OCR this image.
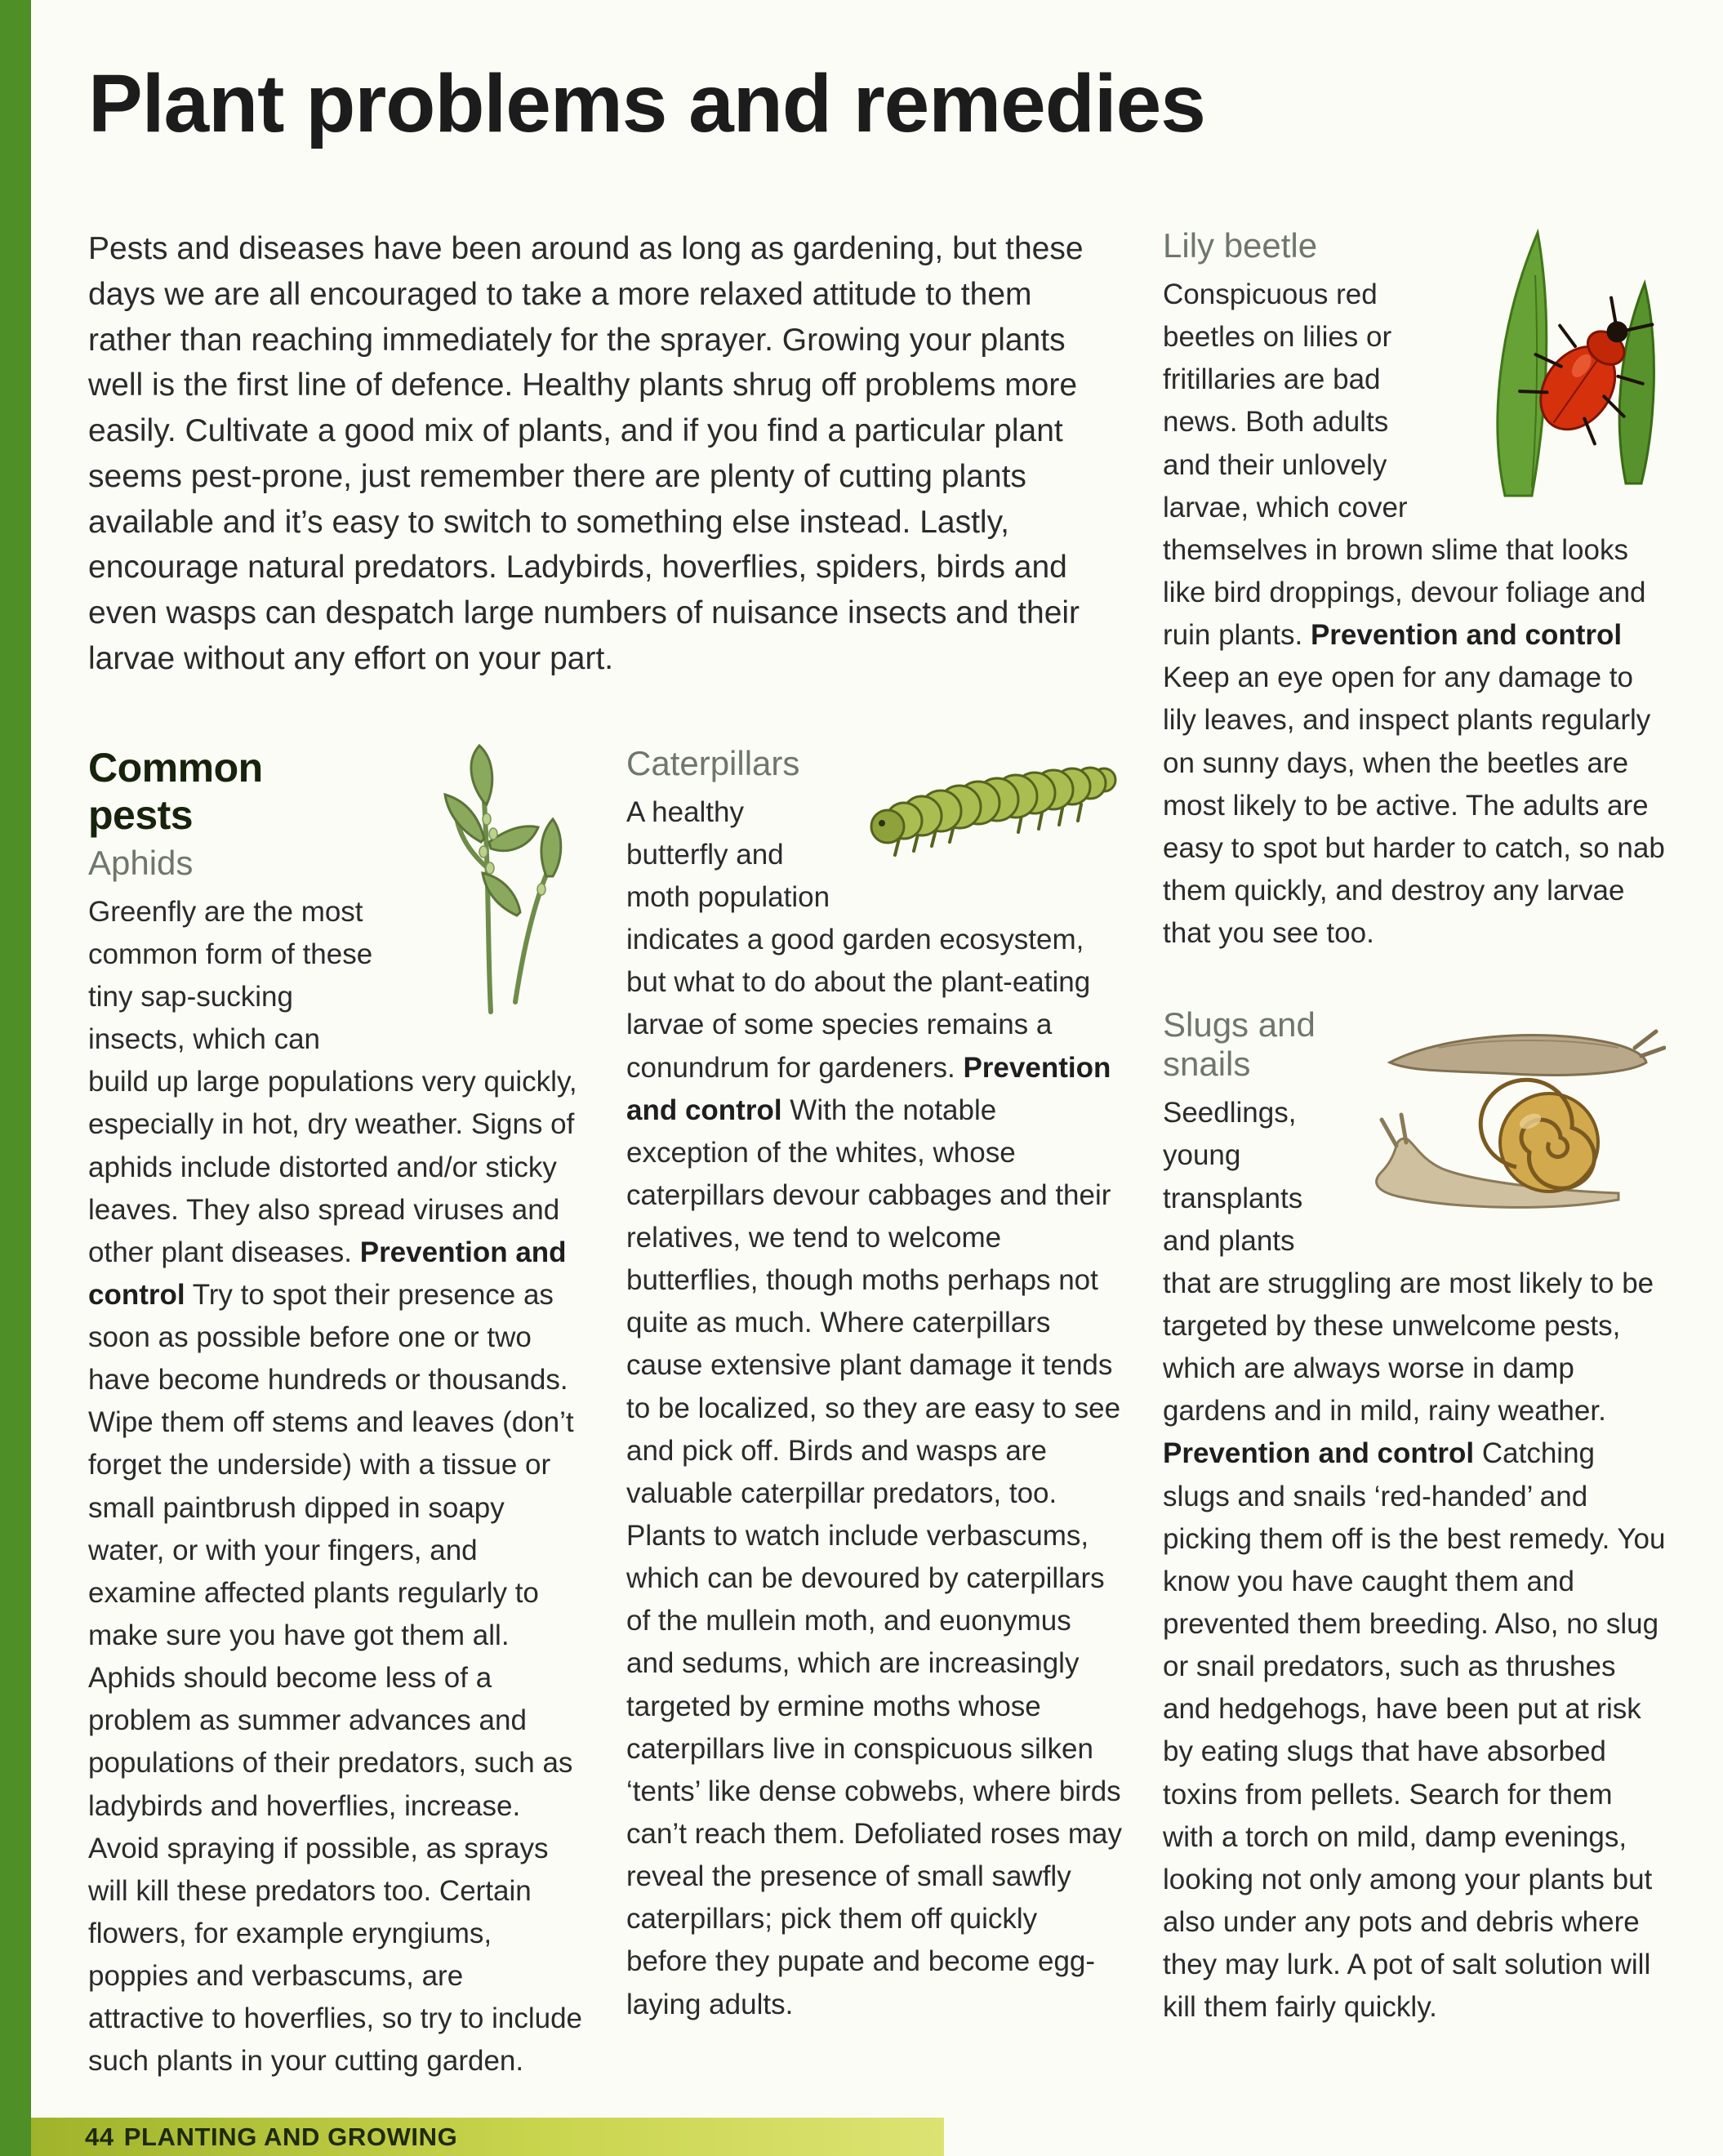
Plant problems and remedies

Pests and diseases have been around as long as gardening, but these days we are all encouraged to take a more relaxed attitude to them rather than reaching immediately for the sprayer. Growing your plants well is the first line of defence. Healthy plants shrug off problems more easily. Cultivate a good mix of plants, and if you find a particular plant seems pest-prone, just remember there are plenty of cutting plants available and it’s easy to switch to something else instead. Lastly, encourage natural predators. Ladybirds, hoverflies, spiders, birds and even wasps can despatch large numbers of nuisance insects and their larvae without any effort on your part.

Common pests
Aphids

Greenfly are the most common form of these tiny sap-sucking insects, which can build up large populations very quickly, especially in hot, dry weather. Signs of aphids include distorted and/or sticky leaves. They also spread viruses and other plant diseases. Prevention and control Try to spot their presence as soon as possible before one or two have become hundreds or thousands. Wipe them off stems and leaves (don’t forget the underside) with a tissue or small paintbrush dipped in soapy water, or with your fingers, and examine affected plants regularly to make sure you have got them all. Aphids should become less of a problem as summer advances and populations of their predators, such as ladybirds and hoverflies, increase. Avoid spraying if possible, as sprays will kill these predators too. Certain flowers, for example eryngiums, poppies and verbascums, are attractive to hoverflies, so try to include such plants in your cutting garden.

Caterpillars

A healthy butterfly and moth population indicates a good garden ecosystem, but what to do about the plant-eating larvae of some species remains a conundrum for gardeners. Prevention and control With the notable exception of the whites, whose caterpillars devour cabbages and their relatives, we tend to welcome butterflies, though moths perhaps not quite as much. Where caterpillars cause extensive plant damage it tends to be localized, so they are easy to see and pick off. Birds and wasps are valuable caterpillar predators, too. Plants to watch include verbascums, which can be devoured by caterpillars of the mullein moth, and euonymus and sedums, which are increasingly targeted by ermine moths whose caterpillars live in conspicuous silken ‘tents’ like dense cobwebs, where birds can’t reach them. Defoliated roses may reveal the presence of small sawfly caterpillars; pick them off quickly before they pupate and become egg-laying adults.

Lily beetle

Conspicuous red beetles on lilies or fritillaries are bad news. Both adults and their unlovely larvae, which cover themselves in brown slime that looks like bird droppings, devour foliage and ruin plants. Prevention and control Keep an eye open for any damage to lily leaves, and inspect plants regularly on sunny days, when the beetles are most likely to be active. The adults are easy to spot but harder to catch, so nab them quickly, and destroy any larvae that you see too.

Slugs and snails

Seedlings, young transplants and plants that are struggling are most likely to be targeted by these unwelcome pests, which are always worse in damp gardens and in mild, rainy weather. Prevention and control Catching slugs and snails ‘red-handed’ and picking them off is the best remedy. You know you have caught them and prevented them breeding. Also, no slug or snail predators, such as thrushes and hedgehogs, have been put at risk by eating slugs that have absorbed toxins from pellets. Search for them with a torch on mild, damp evenings, looking not only among your plants but also under any pots and debris where they may lurk. A pot of salt solution will kill them fairly quickly.

44 PLANTING AND GROWING
